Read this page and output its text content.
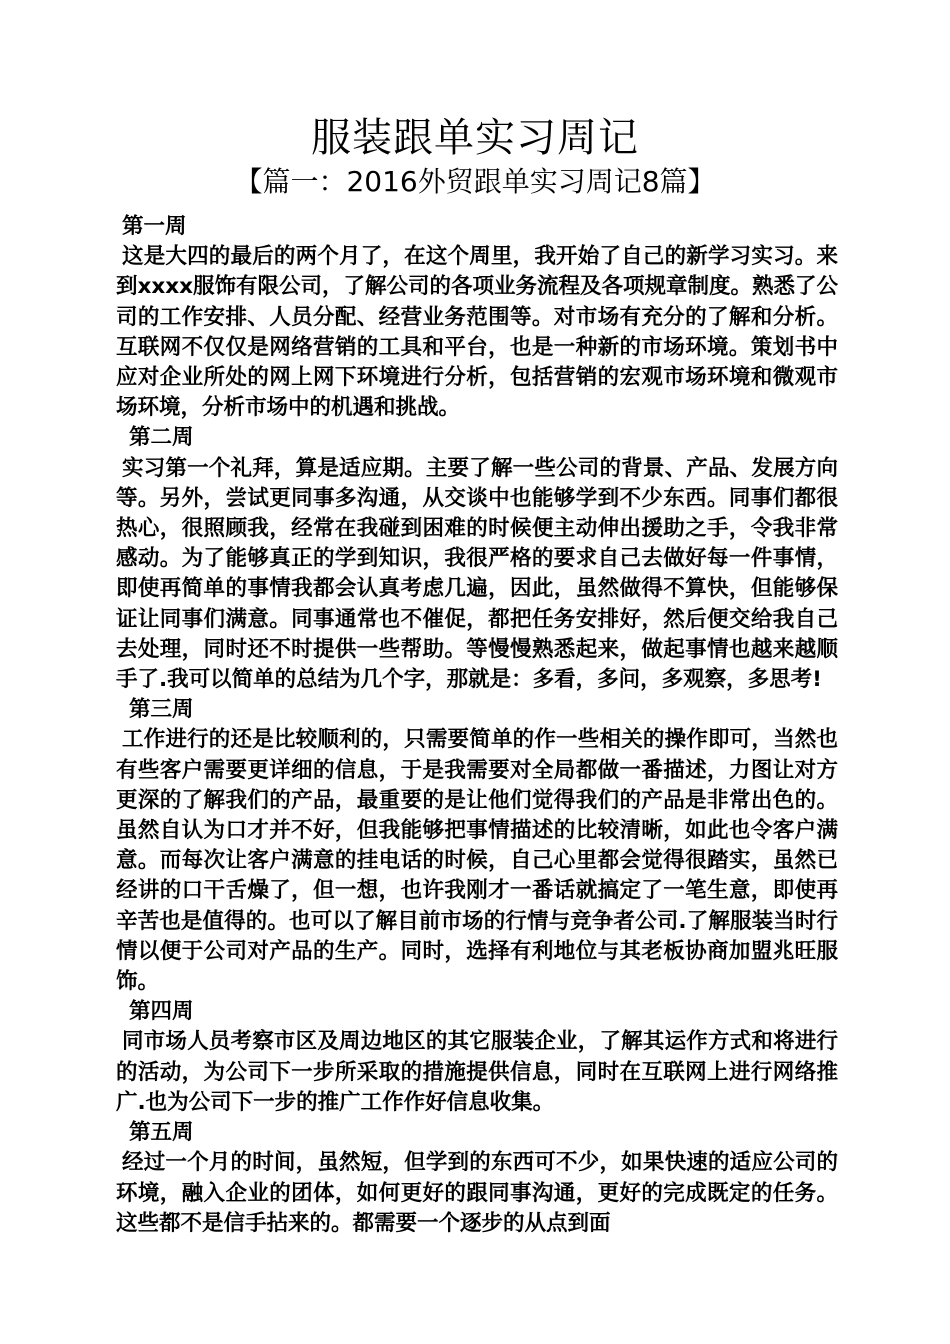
服装跟单实习周记
【篇一：2016外贸跟单实习周记8篇】
第一周
这是大四的最后的两个月了，在这个周里，我开始了自己的新学习实习。来到xxxx服饰有限公司，了解公司的各项业务流程及各项规章制度。熟悉了公司的工作安排、人员分配、经营业务范围等。对市场有充分的了解和分析。互联网不仅仅是网络营销的工具和平台，也是一种新的市场环境。策划书中应对企业所处的网上网下环境进行分析，包括营销的宏观市场环境和微观市场环境，分析市场中的机遇和挑战。
第二周
实习第一个礼拜，算是适应期。主要了解一些公司的背景、产品、发展方向等。另外，尝试更同事多沟通，从交谈中也能够学到不少东西。同事们都很热心，很照顾我，经常在我碰到困难的时候便主动伸出援助之手，令我非常感动。为了能够真正的学到知识，我很严格的要求自己去做好每一件事情，即使再简单的事情我都会认真考虑几遍，因此，虽然做得不算快，但能够保证让同事们满意。同事通常也不催促，都把任务安排好，然后便交给我自己去处理，同时还不时提供一些帮助。等慢慢熟悉起来，做起事情也越来越顺手了.我可以简单的总结为几个字，那就是：多看，多问，多观察，多思考!
第三周
工作进行的还是比较顺利的，只需要简单的作一些相关的操作即可，当然也有些客户需要更详细的信息，于是我需要对全局都做一番描述，力图让对方更深的了解我们的产品，最重要的是让他们觉得我们的产品是非常出色的。虽然自认为口才并不好，但我能够把事情描述的比较清晰，如此也令客户满意。而每次让客户满意的挂电话的时候，自己心里都会觉得很踏实，虽然已经讲的口干舌燥了，但一想，也许我刚才一番话就搞定了一笔生意，即使再辛苦也是值得的。也可以了解目前市场的行情与竞争者公司.了解服装当时行情以便于公司对产品的生产。同时，选择有利地位与其老板协商加盟兆旺服饰。
第四周
同市场人员考察市区及周边地区的其它服装企业，了解其运作方式和将进行的活动，为公司下一步所采取的措施提供信息，同时在互联网上进行网络推广.也为公司下一步的推广工作作好信息收集。
第五周
经过一个月的时间，虽然短，但学到的东西可不少，如果快速的适应公司的环境，融入企业的团体，如何更好的跟同事沟通，更好的完成既定的任务。这些都不是信手拈来的。都需要一个逐步的从点到面
